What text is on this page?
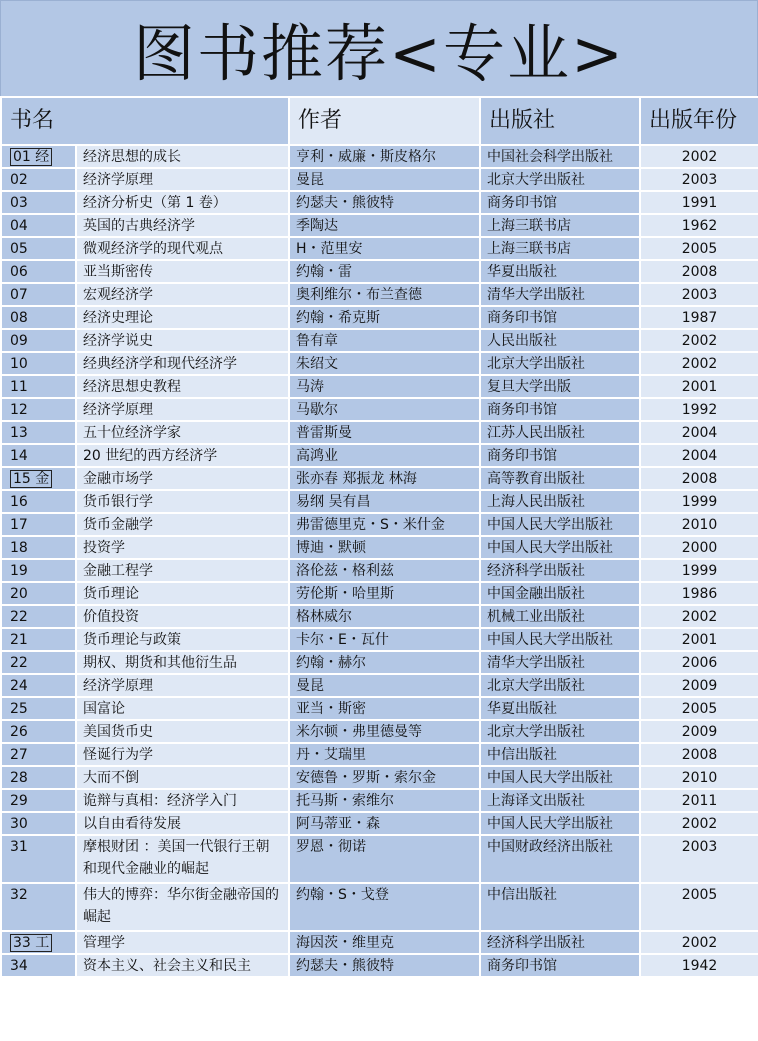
图书推荐<专业>
书名		作者	出版社	出版年份
01 经	经济思想的成长	亨利・威廉・斯皮格尔	中国社会科学出版社	2002
02	经济学原理	曼昆	北京大学出版社	2003
03	经济分析史（第 1 卷）	约瑟夫・熊彼特	商务印书馆	1991
04	英国的古典经济学	季陶达	上海三联书店	1962
05	微观经济学的现代观点	H・范里安	上海三联书店	2005
06	亚当斯密传	约翰・雷	华夏出版社	2008
07	宏观经济学	奥利维尔・布兰查德	清华大学出版社	2003
08	经济史理论	约翰・希克斯	商务印书馆	1987
09	经济学说史	鲁有章	人民出版社	2002
10	经典经济学和现代经济学	朱绍文	北京大学出版社	2002
11	经济思想史教程	马涛	复旦大学出版	2001
12	经济学原理	马歇尔	商务印书馆	1992
13	五十位经济学家	普雷斯曼	江苏人民出版社	2004
14	20 世纪的西方经济学	高鸿业	商务印书馆	2004
15 金	金融市场学	张亦春 郑振龙 林海	高等教育出版社	2008
16	货币银行学	易纲 吴有昌	上海人民出版社	1999
17	货币金融学	弗雷德里克・S・米什金	中国人民大学出版社	2010
18	投资学	博迪・默顿	中国人民大学出版社	2000
19	金融工程学	洛伦兹・格利兹	经济科学出版社	1999
20	货币理论	劳伦斯・哈里斯	中国金融出版社	1986
22	价值投资	格林威尔	机械工业出版社	2002
21	货币理论与政策	卡尔・E・瓦什	中国人民大学出版社	2001
22	期权、期货和其他衍生品	约翰・赫尔	清华大学出版社	2006
24	经济学原理	曼昆	北京大学出版社	2009
25	国富论	亚当・斯密	华夏出版社	2005
26	美国货币史	米尔顿・弗里德曼等	北京大学出版社	2009
27	怪诞行为学	丹・艾瑞里	中信出版社	2008
28	大而不倒	安德鲁・罗斯・索尔金	中国人民大学出版社	2010
29	诡辩与真相：经济学入门	托马斯・索维尔	上海译文出版社	2011
30	以自由看待发展	阿马蒂亚・森	中国人民大学出版社	2002
31	摩根财团 ：美国一代银行王朝和现代金融业的崛起	罗恩・彻诺	中国财政经济出版社	2003
32	伟大的博弈：华尔街金融帝国的崛起	约翰・S・戈登	中信出版社	2005
33 工	管理学	海因茨・维里克	经济科学出版社	2002
34	资本主义、社会主义和民主	约瑟夫・熊彼特	商务印书馆	1942
